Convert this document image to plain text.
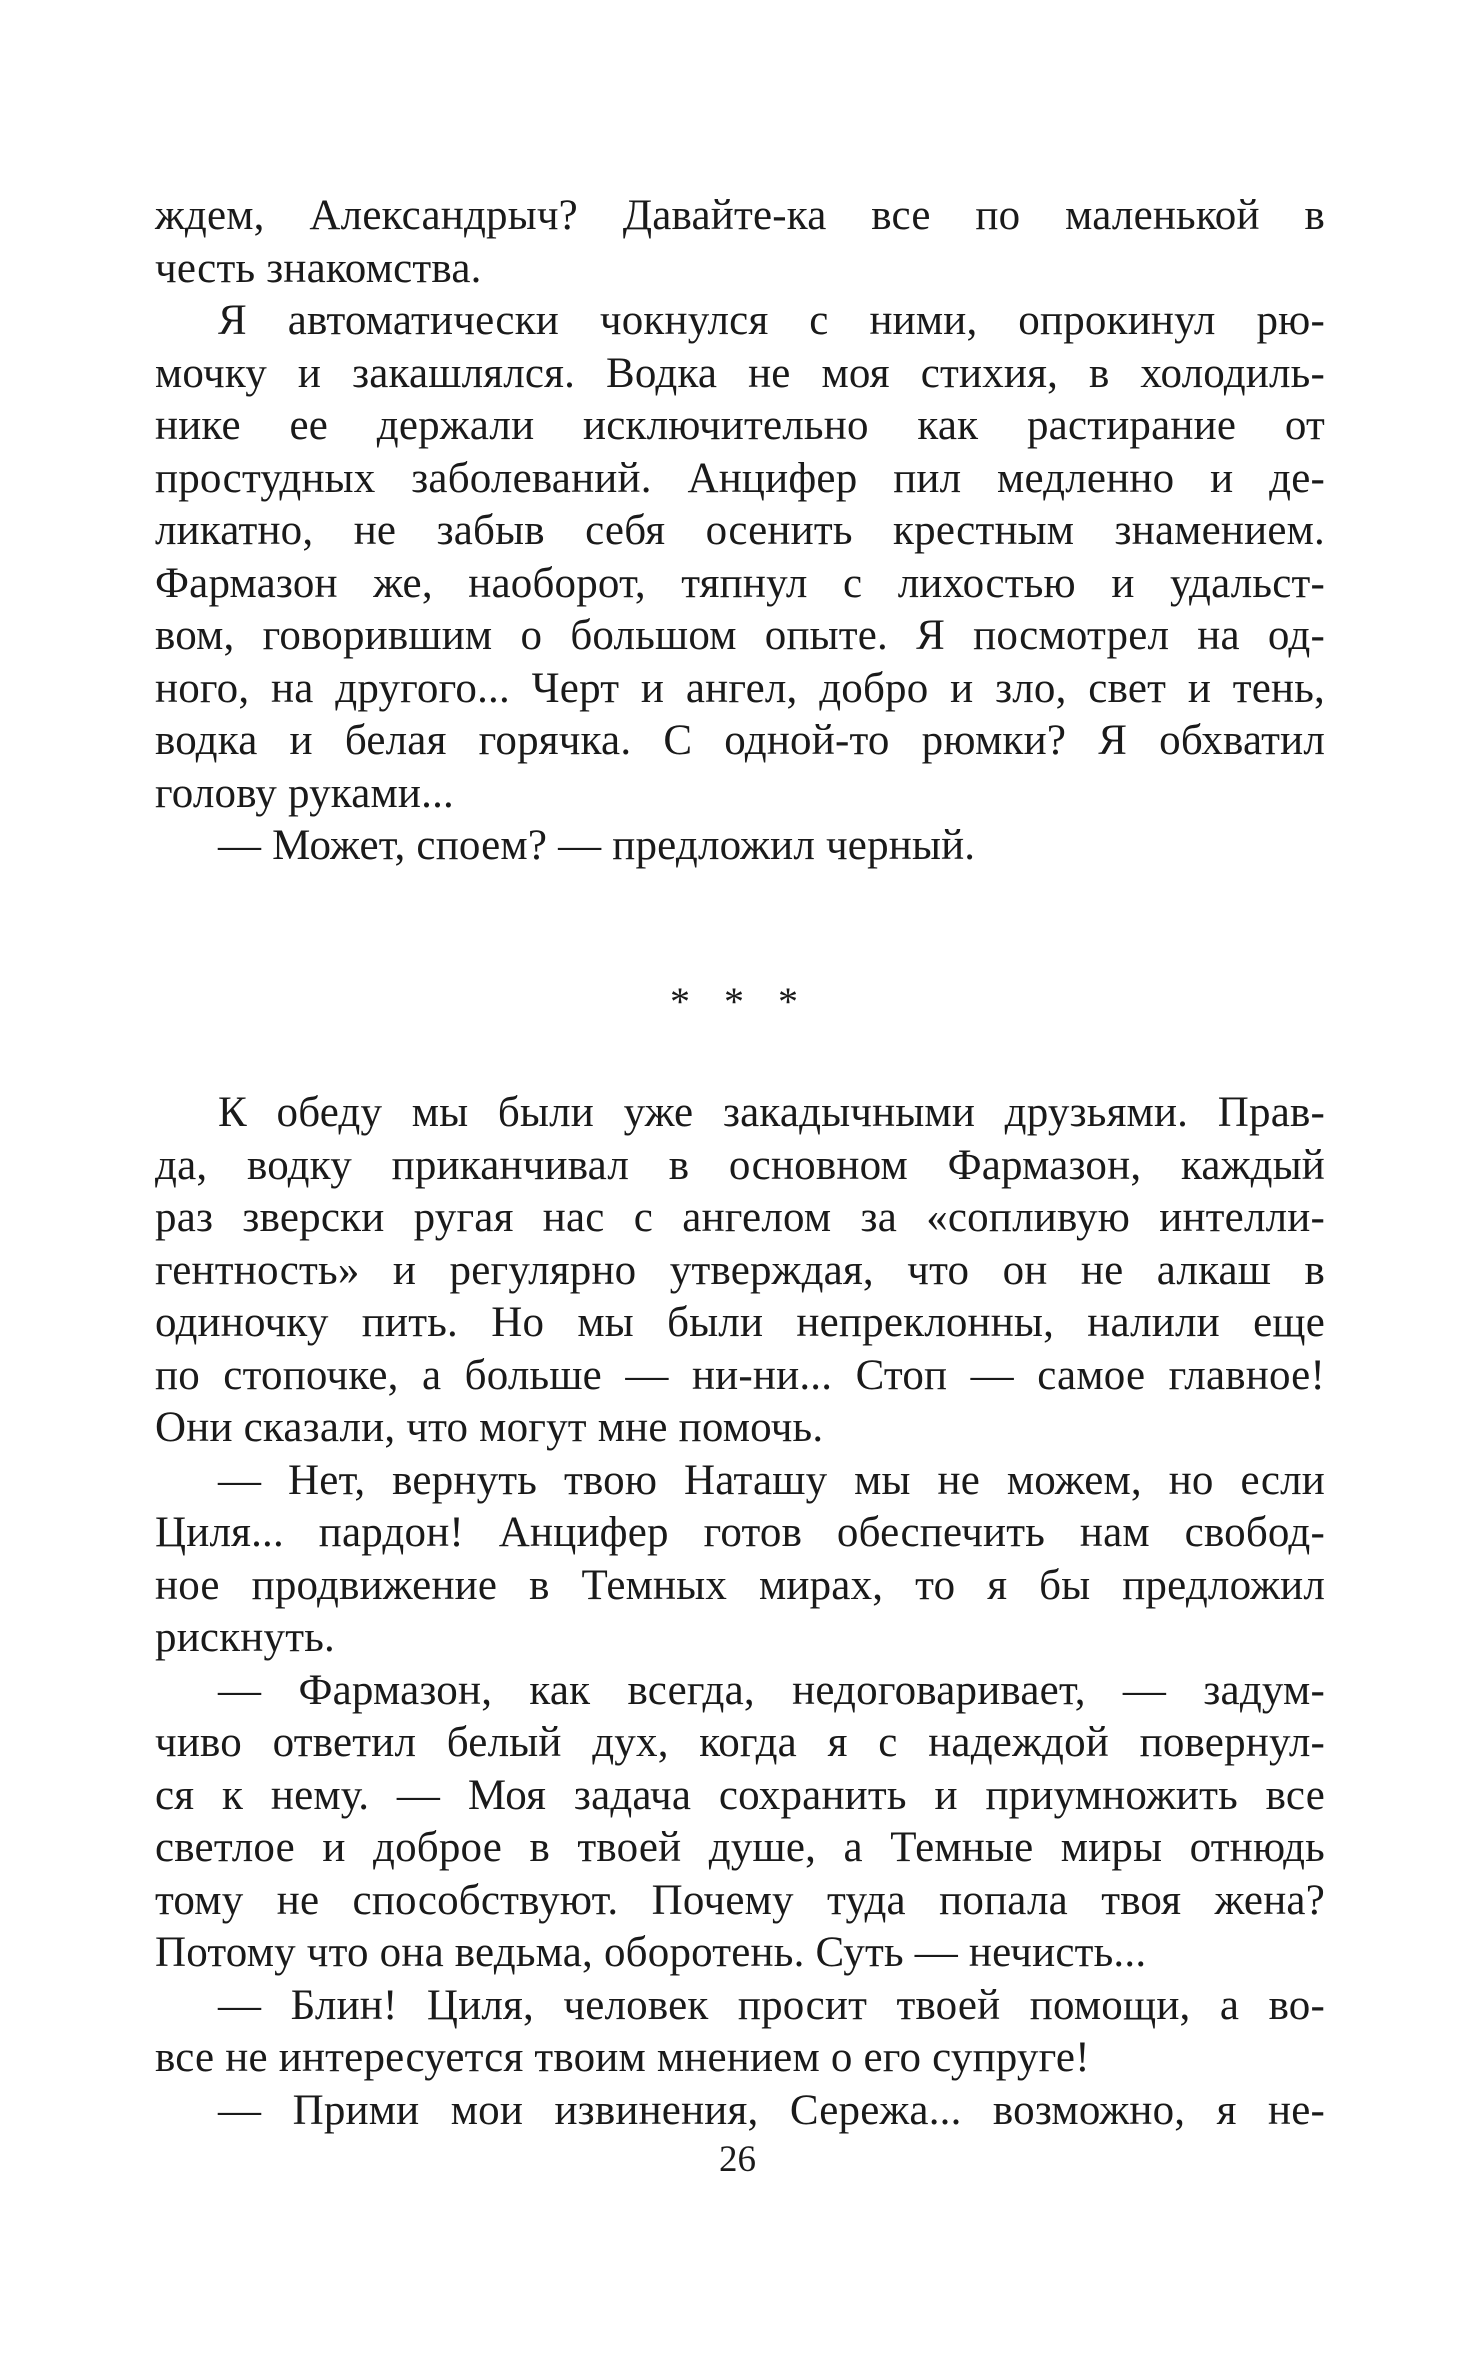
ждем, Александрыч? Давайте-ка все по маленькой в
честь знакомства.
Я автоматически чокнулся с ними, опрокинул рю-
мочку и закашлялся. Водка не моя стихия, в холодиль-
нике ее держали исключительно как растирание от
простудных заболеваний. Анцифер пил медленно и де-
ликатно, не забыв себя осенить крестным знамением.
Фармазон же, наоборот, тяпнул с лихостью и удальст-
вом, говорившим о большом опыте. Я посмотрел на од-
ного, на другого... Черт и ангел, добро и зло, свет и тень,
водка и белая горячка. С одной-то рюмки? Я обхватил
голову руками...
— Может, споем? — предложил черный.
* * *
К обеду мы были уже закадычными друзьями. Прав-
да, водку приканчивал в основном Фармазон, каждый
раз зверски ругая нас с ангелом за «сопливую интелли-
гентность» и регулярно утверждая, что он не алкаш в
одиночку пить. Но мы были непреклонны, налили еще
по стопочке, а больше — ни-ни... Стоп — самое главное!
Они сказали, что могут мне помочь.
— Нет, вернуть твою Наташу мы не можем, но если
Циля... пардон! Анцифер готов обеспечить нам свобод-
ное продвижение в Темных мирах, то я бы предложил
рискнуть.
— Фармазон, как всегда, недоговаривает, — задум-
чиво ответил белый дух, когда я с надеждой повернул-
ся к нему. — Моя задача сохранить и приумножить все
светлое и доброе в твоей душе, а Темные миры отнюдь
тому не способствуют. Почему туда попала твоя жена?
Потому что она ведьма, оборотень. Суть — нечисть...
— Блин! Циля, человек просит твоей помощи, а во-
все не интересуется твоим мнением о его супруге!
— Прими мои извинения, Сережа... возможно, я не-
26
